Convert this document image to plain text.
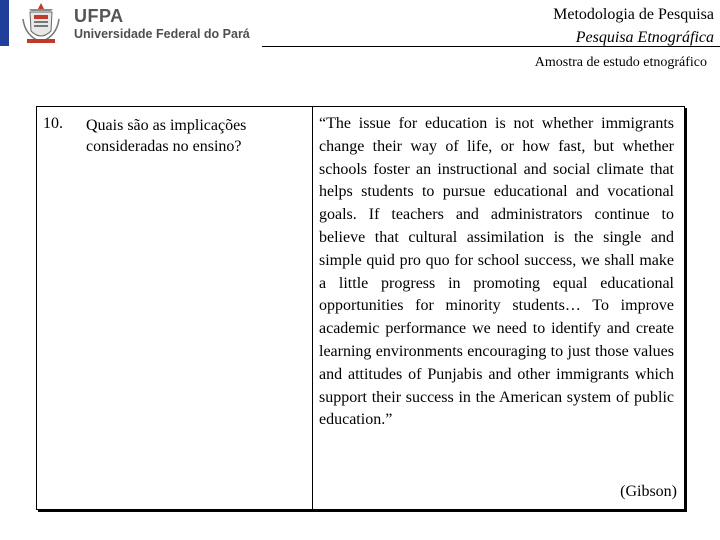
UFPA
Universidade Federal do Pará
Metodologia de Pesquisa
Pesquisa Etnográfica
Amostra de estudo etnográfico
10. Quais são as implicações consideradas no ensino?
“The issue for education is not whether immigrants change their way of life, or how fast, but whether schools foster an instructional and social climate that helps students to pursue educational and vocational goals. If teachers and administrators continue to believe that cultural assimilation is the single and simple quid pro quo for school success, we shall make a little progress in promoting equal educational opportunities for minority students… To improve academic performance we need to identify and create learning environments encouraging to just those values and attitudes of Punjabis and other immigrants which support their success in the American system of public education.”
(Gibson)
